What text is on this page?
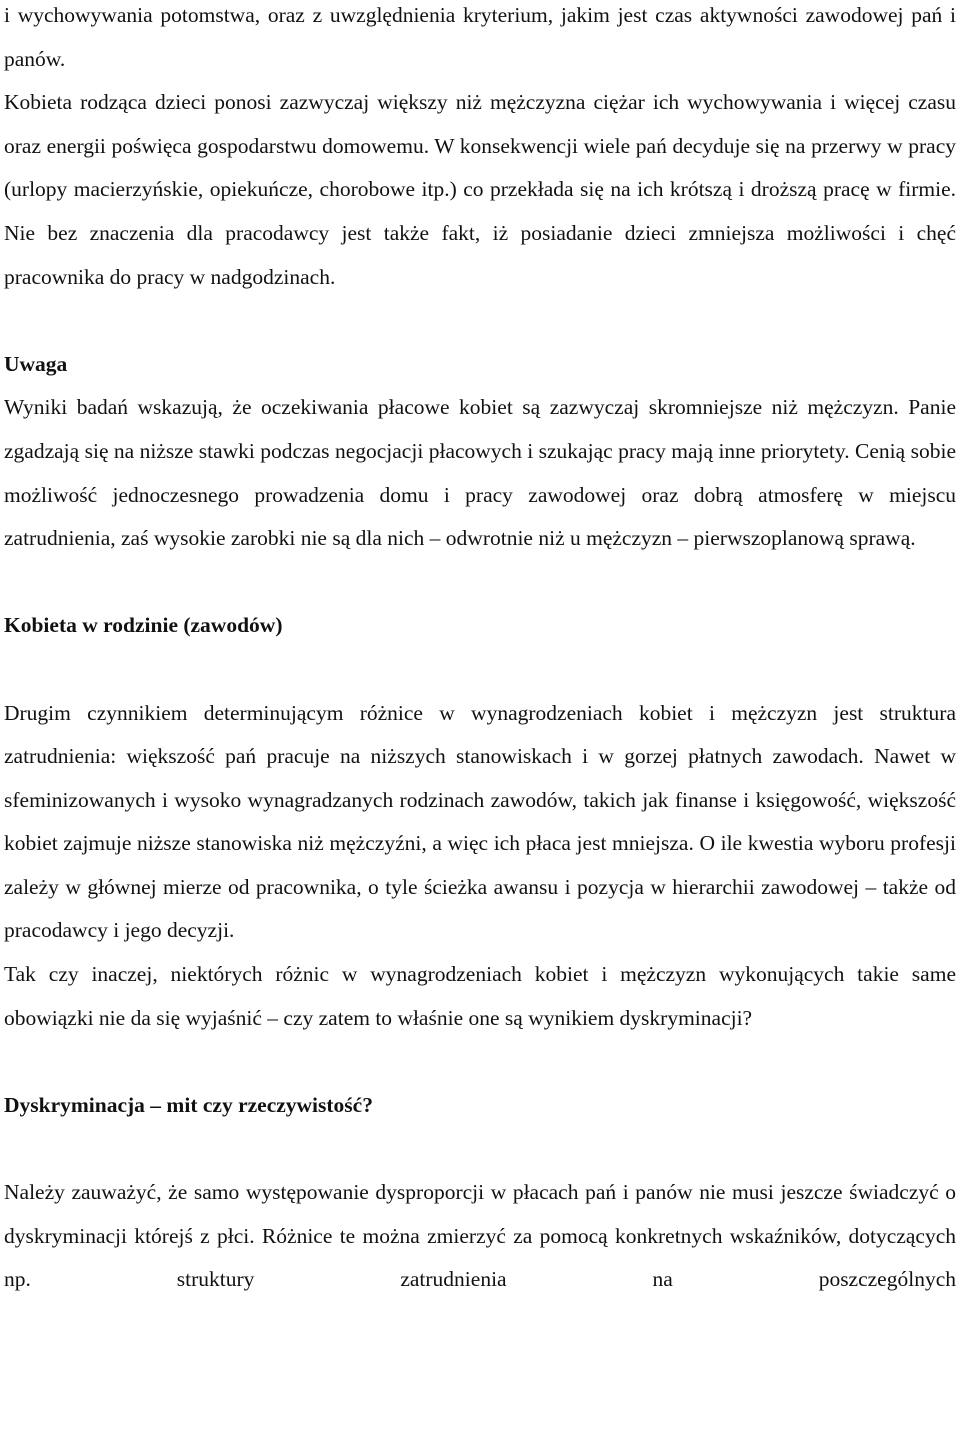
i wychowywania potomstwa, oraz z uwzględnienia kryterium, jakim jest czas aktywności zawodowej pań i panów.

Kobieta rodząca dzieci ponosi zazwyczaj większy niż mężczyzna ciężar ich wychowywania i więcej czasu oraz energii poświęca gospodarstwu domowemu. W konsekwencji wiele pań decyduje się na przerwy w pracy (urlopy macierzyńskie, opiekuńcze, chorobowe itp.) co przekłada się na ich krótszą i droższą pracę w firmie. Nie bez znaczenia dla pracodawcy jest także fakt, iż posiadanie dzieci zmniejsza możliwości i chęć pracownika do pracy w nadgodzinach.

Uwaga

Wyniki badań wskazują, że oczekiwania płacowe kobiet są zazwyczaj skromniejsze niż mężczyzn. Panie zgadzają się na niższe stawki podczas negocjacji płacowych i szukając pracy mają inne priorytety. Cenią sobie możliwość jednoczesnego prowadzenia domu i pracy zawodowej oraz dobrą atmosferę w miejscu zatrudnienia, zaś wysokie zarobki nie są dla nich – odwrotnie niż u mężczyzn – pierwszoplanową sprawą.

Kobieta w rodzinie (zawodów)

Drugim czynnikiem determinującym różnice w wynagrodzeniach kobiet i mężczyzn jest struktura zatrudnienia: większość pań pracuje na niższych stanowiskach i w gorzej płatnych zawodach. Nawet w sfeminizowanych i wysoko wynagradzanych rodzinach zawodów, takich jak finanse i księgowość, większość kobiet zajmuje niższe stanowiska niż mężczyźni, a więc ich płaca jest mniejsza. O ile kwestia wyboru profesji zależy w głównej mierze od pracownika, o tyle ścieżka awansu i pozycja w hierarchii zawodowej – także od pracodawcy i jego decyzji.

Tak czy inaczej, niektórych różnic w wynagrodzeniach kobiet i mężczyzn wykonujących takie same obowiązki nie da się wyjaśnić – czy zatem to właśnie one są wynikiem dyskryminacji?

Dyskryminacja – mit czy rzeczywistość?

Należy zauważyć, że samo występowanie dysproporcji w płacach pań i panów nie musi jeszcze świadczyć o dyskryminacji którejś z płci. Różnice te można zmierzyć za pomocą konkretnych wskaźników, dotyczących np. struktury zatrudnienia na poszczególnych
